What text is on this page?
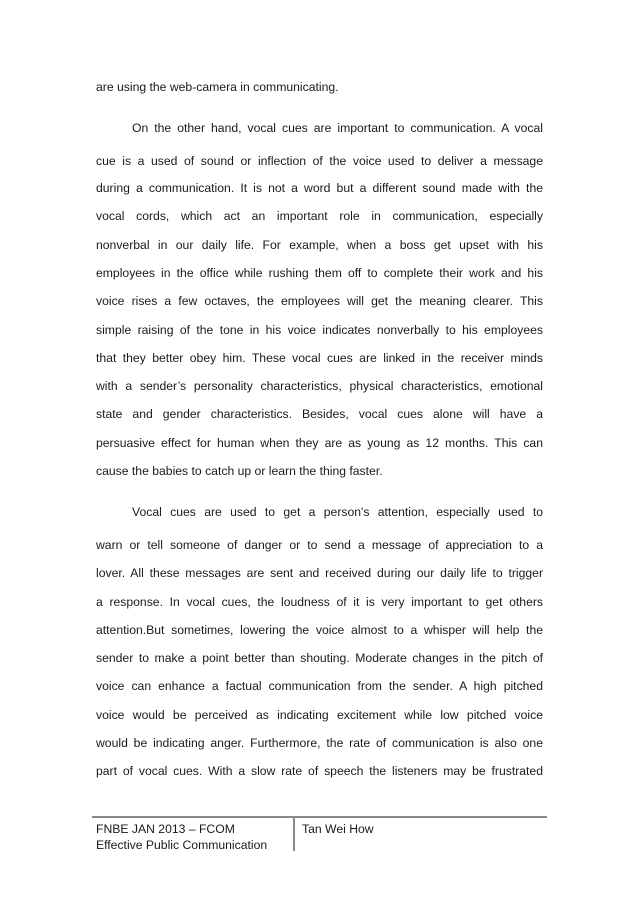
are using the web-camera in communicating.
On the other hand, vocal cues are important to communication. A vocal
cue is a used of sound or inflection of the voice used to deliver a message
during a communication. It is not a word but a different sound made with the
vocal cords, which act an important role in communication, especially
nonverbal in our daily life. For example, when a boss get upset with his
employees in the office while rushing them off to complete their work and his
voice rises a few octaves, the employees will get the meaning clearer. This
simple raising of the tone in his voice indicates nonverbally to his employees
that they better obey him. These vocal cues are linked in the receiver minds
with a sender’s personality characteristics, physical characteristics, emotional
state and gender characteristics. Besides, vocal cues alone will have a
persuasive effect for human when they are as young as 12 months. This can
cause the babies to catch up or learn the thing faster.
Vocal cues are used to get a person's attention, especially used to
warn or tell someone of danger or to send a message of appreciation to a
lover. All these messages are sent and received during our daily life to trigger
a response. In vocal cues, the loudness of it is very important to get others
attention.But sometimes, lowering the voice almost to a whisper will help the
sender to make a point better than shouting. Moderate changes in the pitch of
voice can enhance a factual communication from the sender. A high pitched
voice would be perceived as indicating excitement while low pitched voice
would be indicating anger. Furthermore, the rate of communication is also one
part of vocal cues. With a slow rate of speech the listeners may be frustrated
FNBE JAN 2013 – FCOM
Effective Public Communication
Tan Wei How
